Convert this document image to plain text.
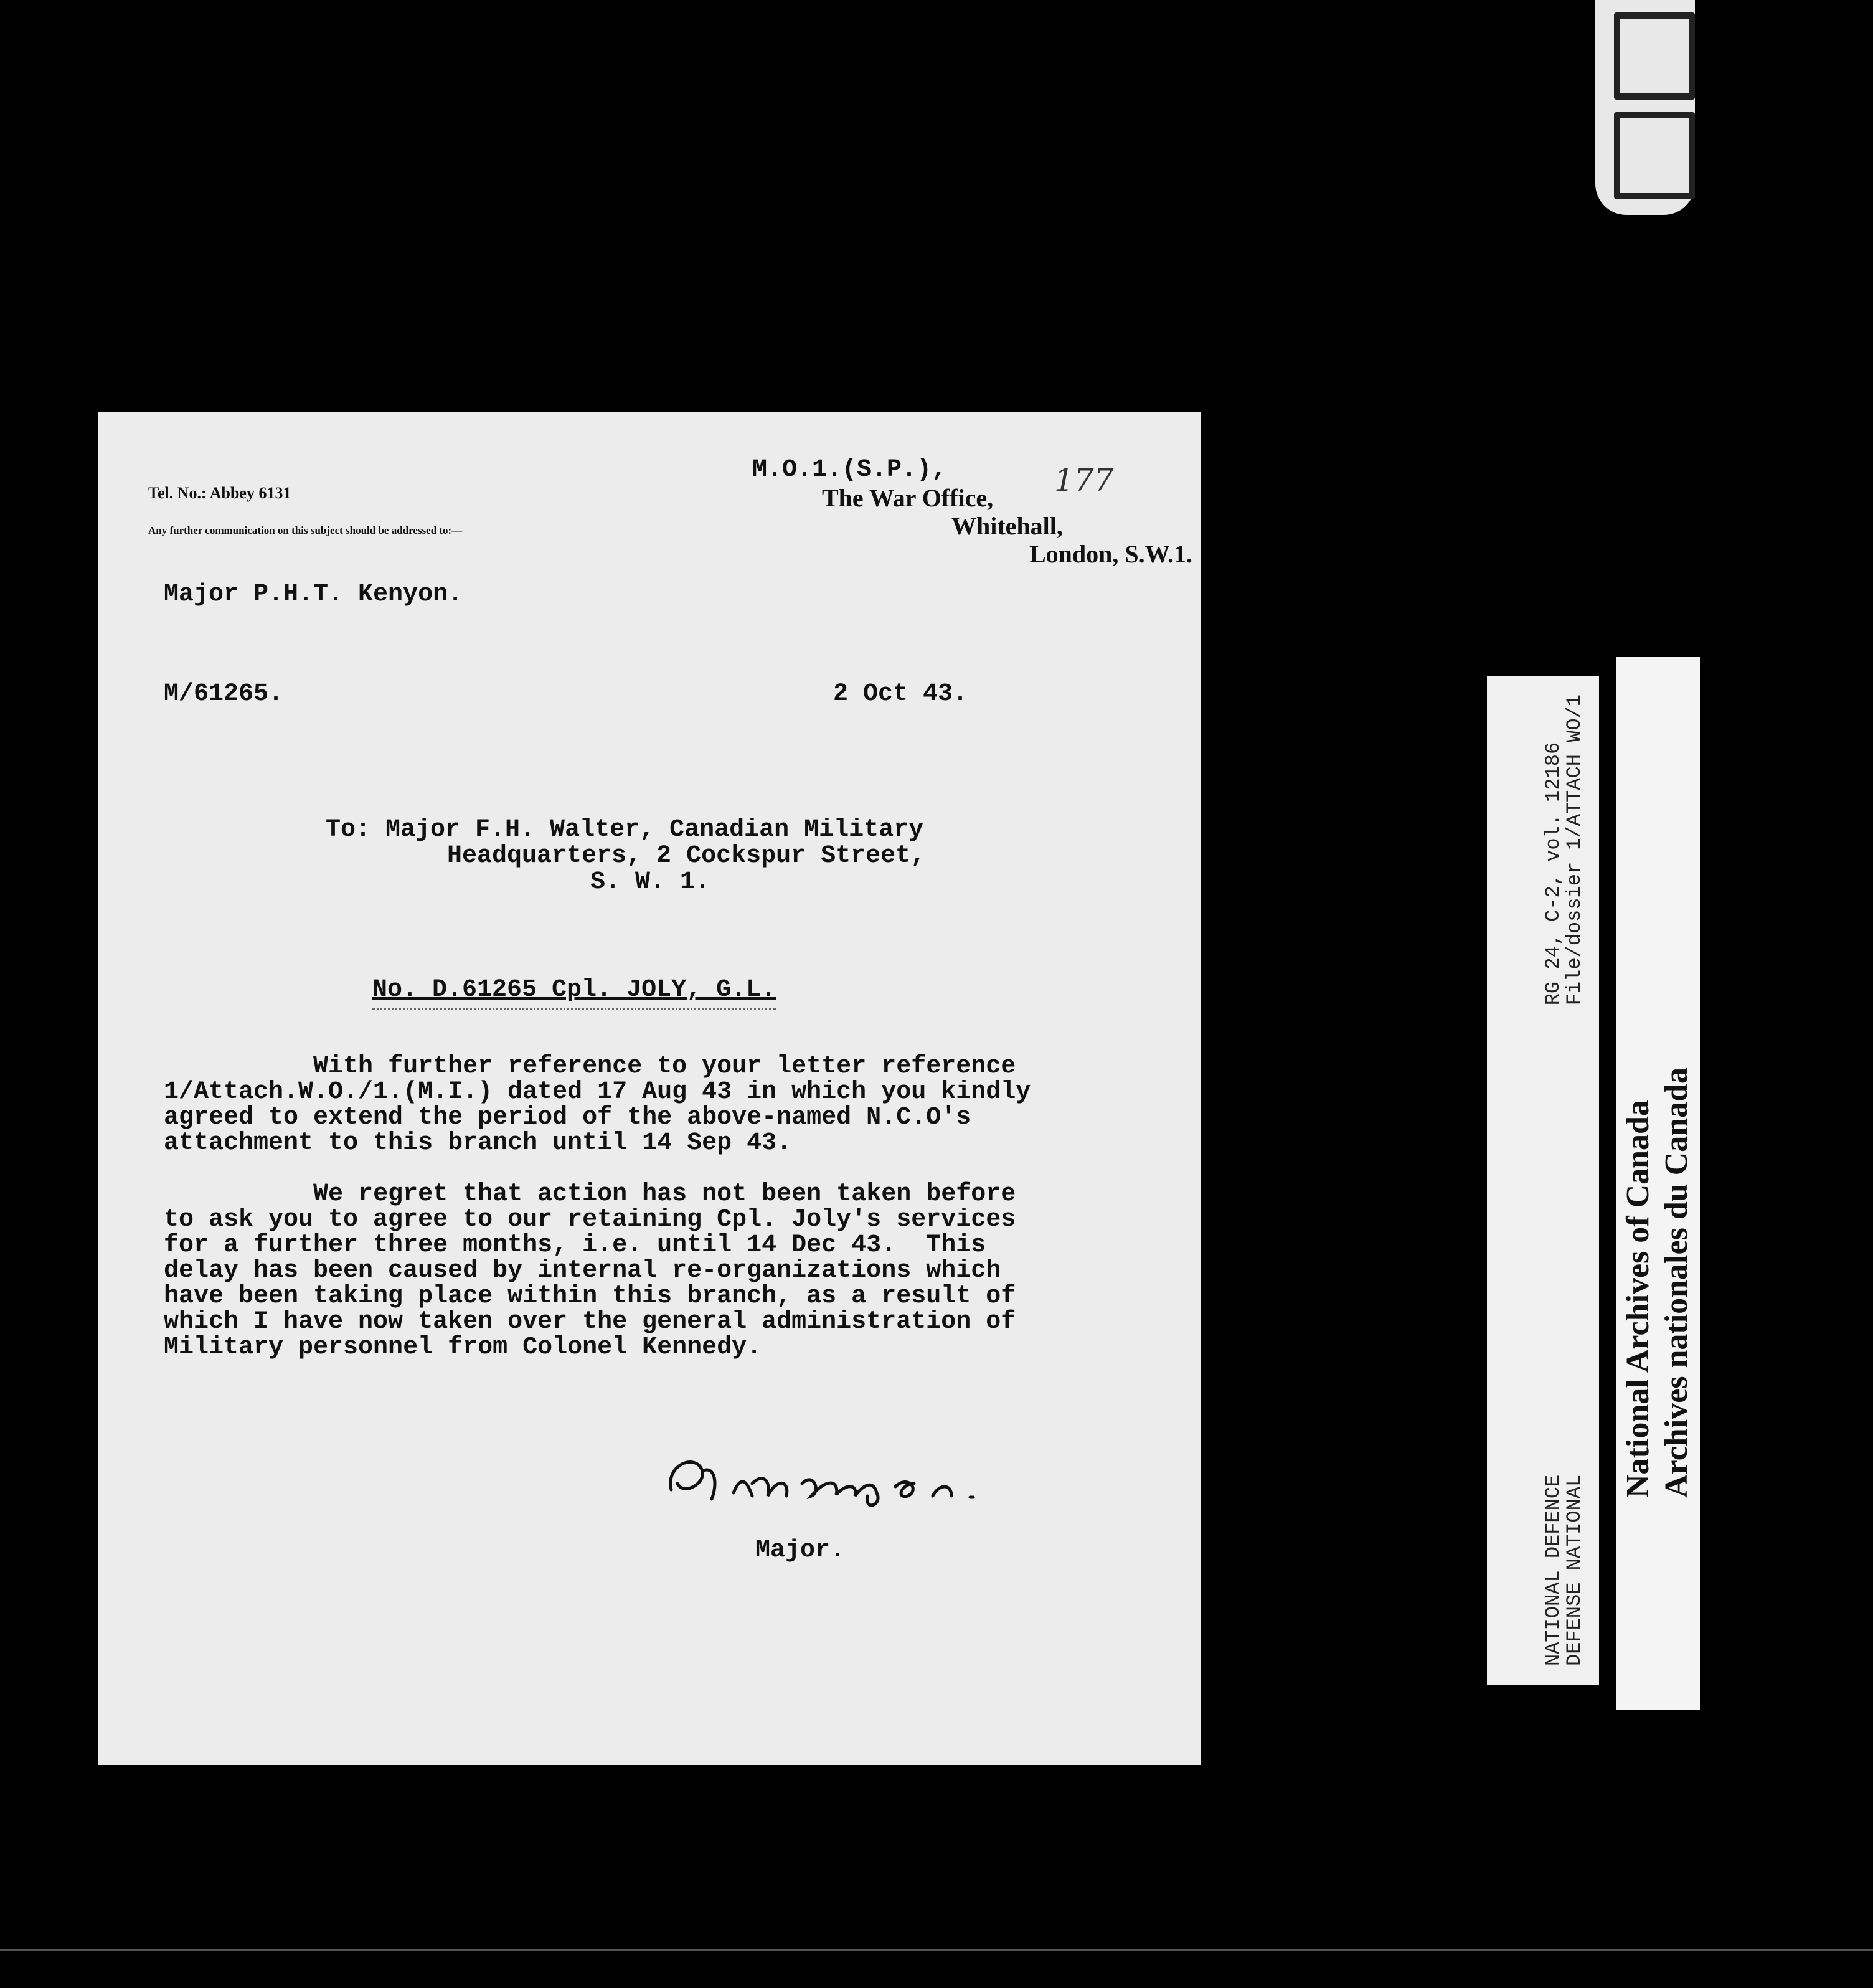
Tel. No.: Abbey 6131
Any further communication on this subject should be addressed to:—
M.O.1.(S.P.),
The War Office,
Whitehall,
London, S.W.1.
177
Major P.H.T. Kenyon.
M/61265.	2 Oct 43.
To: Major F.H. Walter, Canadian Military
Headquarters, 2 Cockspur Street,
S. W. 1.
No. D.61265 Cpl. JOLY, G.L.
With further reference to your letter reference
1/Attach.W.O./1.(M.I.) dated 17 Aug 43 in which you kindly
agreed to extend the period of the above-named N.C.O's
attachment to this branch until 14 Sep 43.
We regret that action has not been taken before
to ask you to agree to our retaining Cpl. Joly's services
for a further three months, i.e. until 14 Dec 43.  This
delay has been caused by internal re-organizations which
have been taking place within this branch, as a result of
which I have now taken over the general administration of
Military personnel from Colonel Kennedy.
Major.	NATIONAL DEFENCE
DEFENSE NATIONAL
RG 24, C-2, vol. 12186
File/dossier 1/ATTACH WO/1
National Archives of Canada Archives nationales du Canada
